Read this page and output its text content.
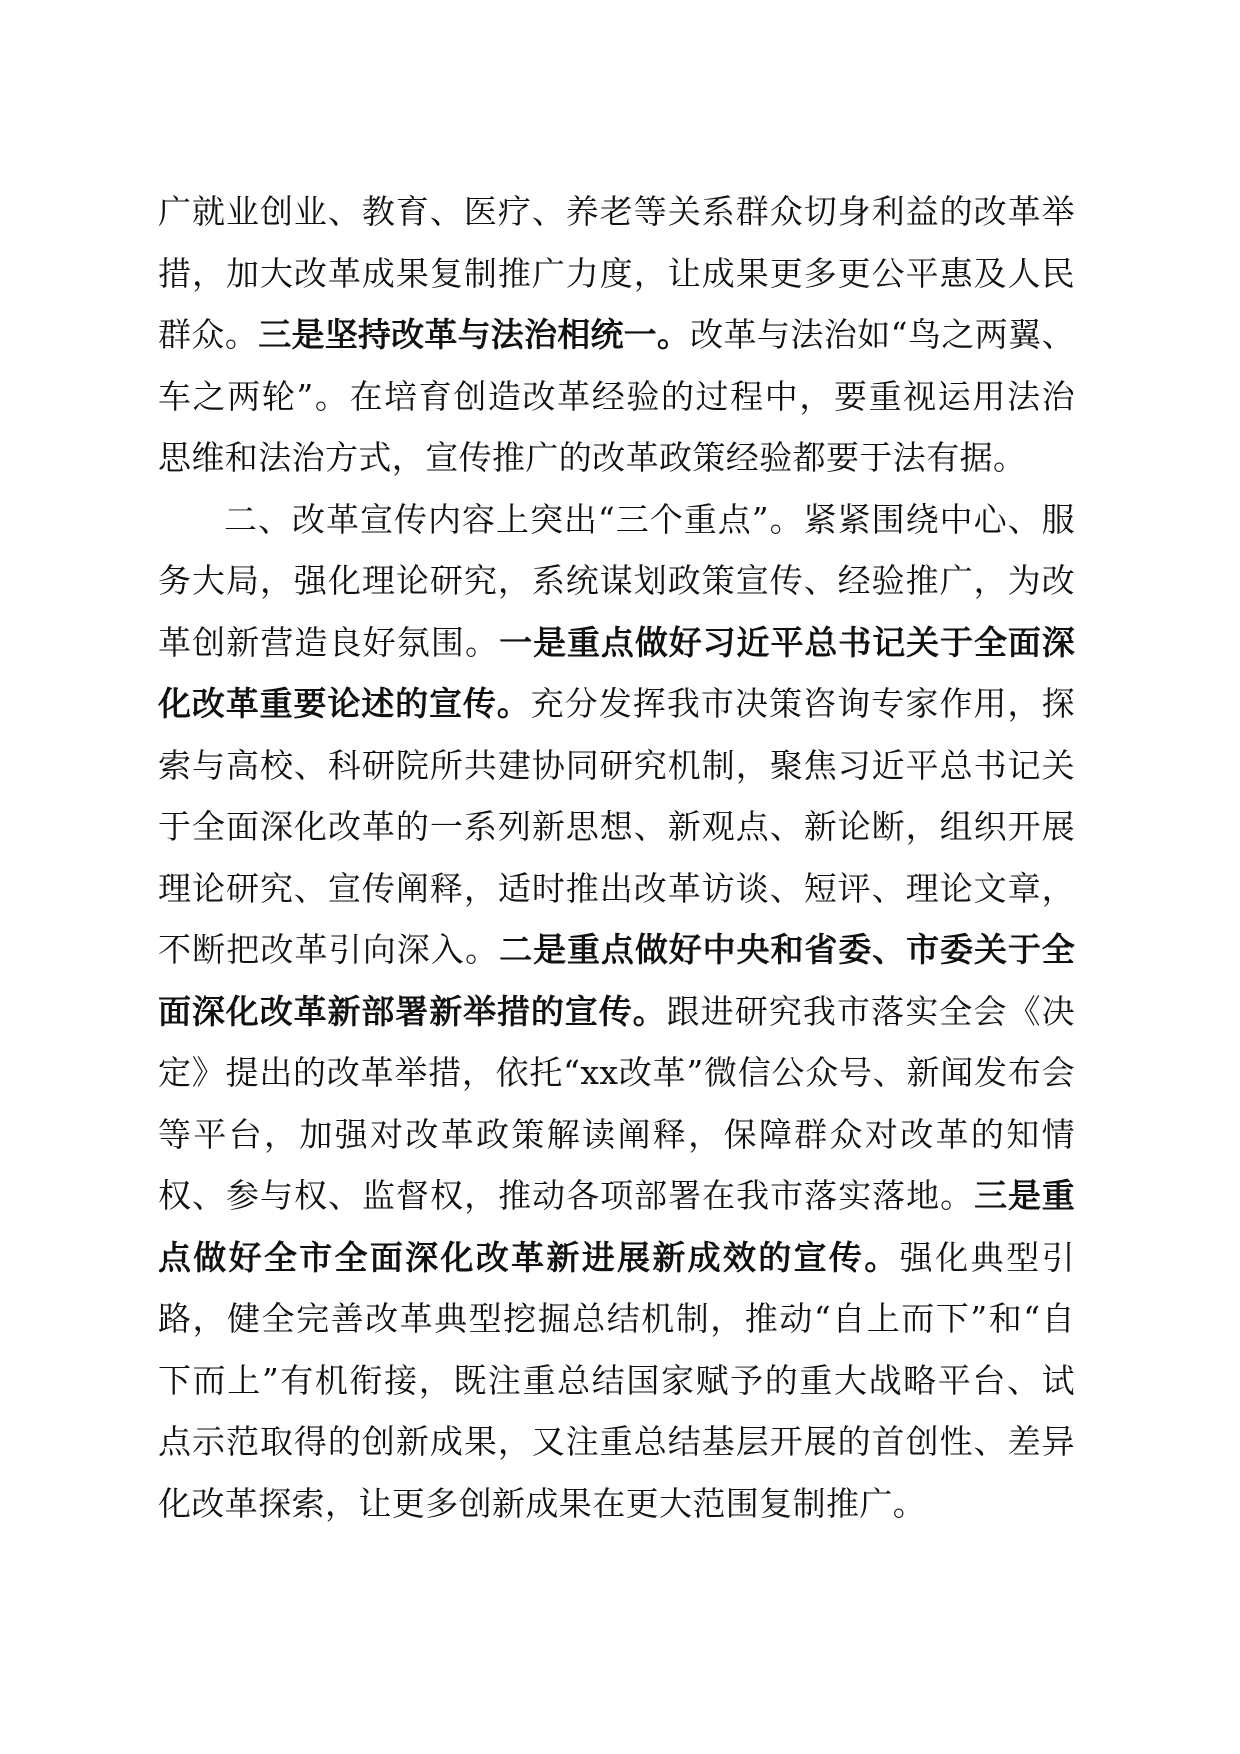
广就业创业、教育、医疗、养老等关系群众切身利益的改革举措，加大改革成果复制推广力度，让成果更多更公平惠及人民群众。三是坚持改革与法治相统一。改革与法治如“鸟之两翼、车之两轮”。在培育创造改革经验的过程中，要重视运用法治思维和法治方式，宣传推广的改革政策经验都要于法有据。

二、改革宣传内容上突出“三个重点”。紧紧围绕中心、服务大局，强化理论研究，系统谋划政策宣传、经验推广，为改革创新营造良好氛围。一是重点做好习近平总书记关于全面深化改革重要论述的宣传。充分发挥我市决策咨询专家作用，探索与高校、科研院所共建协同研究机制，聚焦习近平总书记关于全面深化改革的一系列新思想、新观点、新论断，组织开展理论研究、宣传阐释，适时推出改革访谈、短评、理论文章，不断把改革引向深入。二是重点做好中央和省委、市委关于全面深化改革新部署新举措的宣传。跟进研究我市落实全会《决定》提出的改革举措，依托“xx改革”微信公众号、新闻发布会等平台，加强对改革政策解读阐释，保障群众对改革的知情权、参与权、监督权，推动各项部署在我市落实落地。三是重点做好全市全面深化改革新进展新成效的宣传。强化典型引路，健全完善改革典型挖掘总结机制，推动“自上而下”和“自下而上”有机衔接，既注重总结国家赋予的重大战略平台、试点示范取得的创新成果，又注重总结基层开展的首创性、差异化改革探索，让更多创新成果在更大范围复制推广。
